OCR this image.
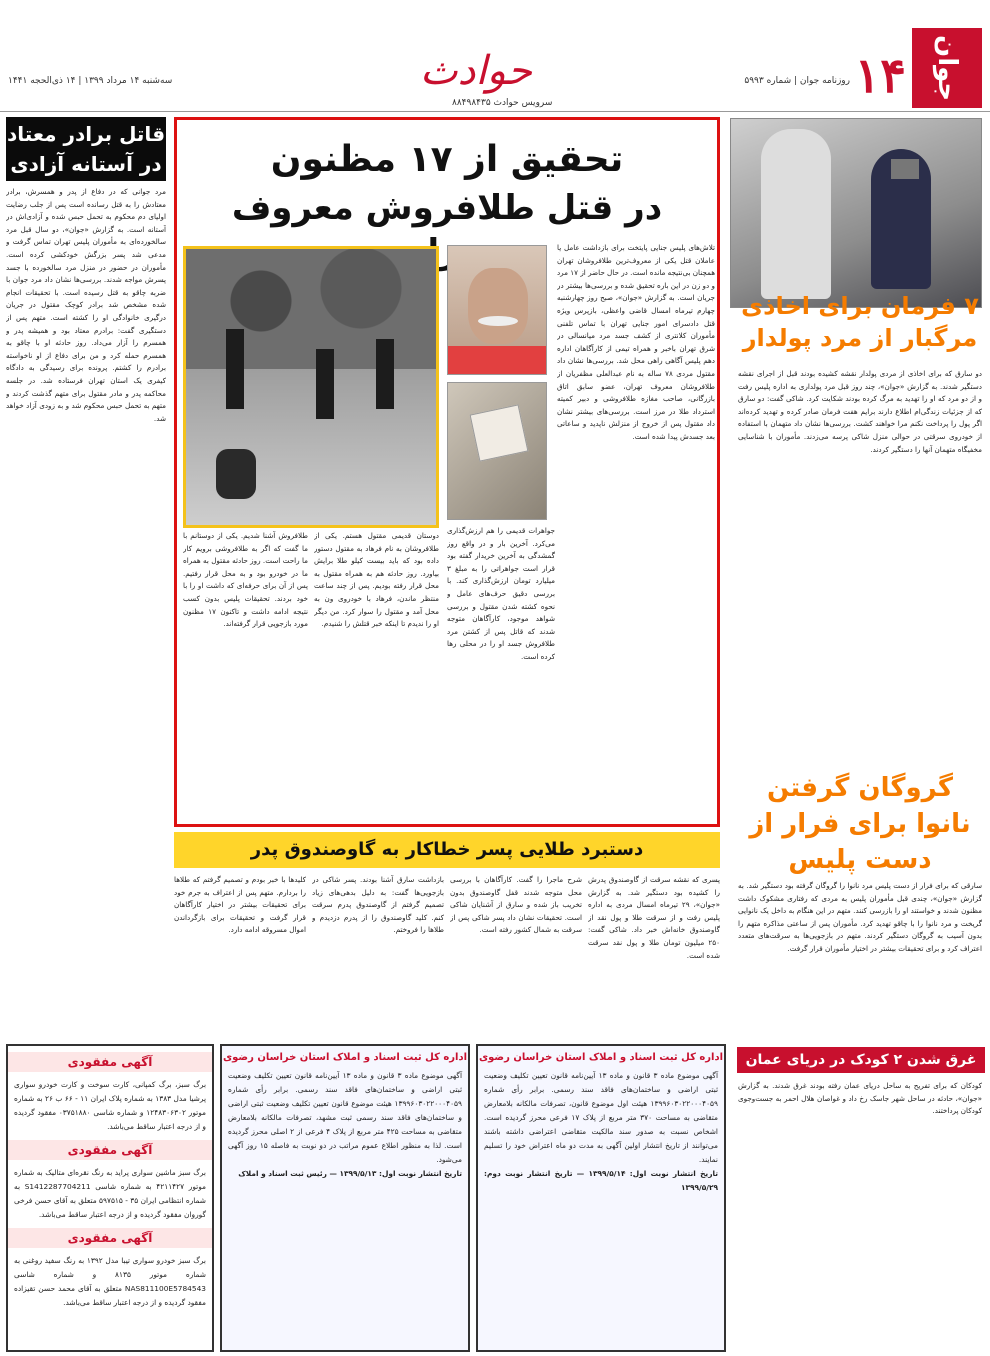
جوان
۱۴
روزنامه جوان | شماره ۵۹۹۳
حوادث
سرویس حوادث ۸۸۴۹۸۴۳۵
سه‌شنبه ۱۴ مرداد ۱۳۹۹ | ۱۴ ذی‌الحجه ۱۴۴۱
۷ فرمان برای اخاذی مرگبار از مرد پولدار
دو سارق که برای اخاذی از مردی پولدار نقشه کشیده بودند قبل از اجرای نقشه دستگیر شدند. به گزارش «جوان»، چند روز قبل مرد پولداری به اداره پلیس رفت و از دو مرد که او را تهدید به مرگ کرده بودند شکایت کرد. شاکی گفت: دو سارق که از جزئیات زندگی‌ام اطلاع دارند برایم هفت فرمان صادر کرده و تهدید کرده‌اند اگر پول را پرداخت نکنم مرا خواهند کشت. بررسی‌ها نشان داد متهمان با استفاده از خودروی سرقتی در حوالی منزل شاکی پرسه می‌زدند. مأموران با شناسایی مخفیگاه متهمان آنها را دستگیر کردند.
گروگان گرفتن نانوا برای فرار از دست پلیس
سارقی که برای فرار از دست پلیس مرد نانوا را گروگان گرفته بود دستگیر شد. به گزارش «جوان»، چندی قبل مأموران پلیس به مردی که رفتاری مشکوک داشت مظنون شدند و خواستند او را بازرسی کنند. متهم در این هنگام به داخل یک نانوایی گریخت و مرد نانوا را با چاقو تهدید کرد. مأموران پس از ساعتی مذاکره متهم را بدون آسیب به گروگان دستگیر کردند. متهم در بازجویی‌ها به سرقت‌های متعدد اعتراف کرد و برای تحقیقات بیشتر در اختیار مأموران قرار گرفت.
غرق شدن ۲ کودک در دریای عمان
کودکان که برای تفریح به ساحل دریای عمان رفته بودند غرق شدند. به گزارش «جوان»، حادثه در ساحل شهر جاسک رخ داد و غواصان هلال احمر به جست‌وجوی کودکان پرداختند.
تحقیق از ۱۷ مظنون
در قتل طلافروش معروف
تلاش‌های پلیس جنایی پایتخت برای بازداشت عامل یا عاملان قتل یکی از معروف‌ترین طلافروشان تهران همچنان بی‌نتیجه مانده است. در حال حاضر از ۱۷ مرد و دو زن در این باره تحقیق شده و بررسی‌ها بیشتر در جریان است. به گزارش «جوان»، صبح روز چهارشنبه چهارم تیرماه امسال قاضی واعظی، بازپرس ویژه قتل دادسرای امور جنایی تهران با تماس تلفنی مأموران کلانتری از کشف جسد مرد میانسالی در شرق تهران باخبر و همراه تیمی از کارآگاهان اداره دهم پلیس آگاهی راهی محل شد. بررسی‌ها نشان داد مقتول مردی ۷۸ ساله به نام عبدالعلی مظفریان از طلافروشان معروف تهران، عضو سابق اتاق بازرگانی، صاحب مغازه طلافروشی و دبیر کمیته استرداد طلا در مرز است. بررسی‌های بیشتر نشان داد مقتول پس از خروج از منزلش ناپدید و ساعاتی بعد جسدش پیدا شده است.
جواهرات قدیمی را هم ارزش‌گذاری می‌کرد. آخرین بار و در واقع روز گمشدگی به آخرین خریدار گفته بود قرار است جواهراتی را به مبلغ ۳ میلیارد تومان ارزش‌گذاری کند. با بررسی دقیق حرف‌های عامل و نحوه کشته شدن مقتول و بررسی شواهد موجود، کارآگاهان متوجه شدند که قاتل پس از کشتن مرد طلافروش جسد او را در محلی رها کرده است.
دوستان قدیمی مقتول هستم. یکی از طلافروشان به نام فرهاد به مقتول دستور داده بود که باید بیست کیلو طلا برایش بیاورد. روز حادثه هم به همراه مقتول به محل قرار رفته بودیم. پس از چند ساعت منتظر ماندن، فرهاد با خودروی ون به محل آمد و مقتول را سوار کرد. من دیگر او را ندیدم تا اینکه خبر قتلش را شنیدم.
طلافروش آشنا شدیم. یکی از دوستانم با ما گفت که اگر به طلافروشی برویم کار ما راحت است. روز حادثه مقتول به همراه ما در خودرو بود و به محل قرار رفتیم. پس از آن برای حرفه‌ای که داشت او را با خود بردند. تحقیقات پلیس بدون کسب نتیجه ادامه داشت و تاکنون ۱۷ مظنون مورد بازجویی قرار گرفته‌اند.
دستبرد طلایی پسر خطاکار به گاوصندوق پدر
پسری که نقشه سرقت از گاوصندوق پدرش را کشیده بود دستگیر شد. به گزارش «جوان»، ۲۹ تیرماه امسال مردی به اداره پلیس رفت و از سرقت طلا و پول نقد از گاوصندوق خانه‌اش خبر داد. شاکی گفت: ۲۵۰ میلیون تومان طلا و پول نقد سرقت شده است.
شرح ماجرا را گفت. کارآگاهان با بررسی محل متوجه شدند قفل گاوصندوق بدون تخریب باز شده و سارق از آشنایان شاکی است. تحقیقات نشان داد پسر شاکی پس از سرقت به شمال کشور رفته است.
بازداشت سارق آشنا بودند. پسر شاکی در بازجویی‌ها گفت: به دلیل بدهی‌های زیاد تصمیم گرفتم از گاوصندوق پدرم سرقت کنم. کلید گاوصندوق را از پدرم دزدیدم و طلاها را فروختم.
کلیدها با خبر بودم و تصمیم گرفتم که طلاها را بردارم. متهم پس از اعتراف به جرم خود برای تحقیقات بیشتر در اختیار کارآگاهان قرار گرفت و تحقیقات برای بازگرداندن اموال مسروقه ادامه دارد.
قاتل برادر معتاد در آستانه آزادی
مرد جوانی که در دفاع از پدر و همسرش، برادر معتادش را به قتل رسانده است پس از جلب رضایت اولیای دم محکوم به تحمل حبس شده و آزادی‌اش در آستانه است. به گزارش «جوان»، دو سال قبل مرد سالخورده‌ای به مأموران پلیس تهران تماس گرفت و مدعی شد پسر بزرگش خودکشی کرده است. مأموران در حضور در منزل مرد سالخورده با جسد پسرش مواجه شدند. بررسی‌ها نشان داد مرد جوان با ضربه چاقو به قتل رسیده است. با تحقیقات انجام شده مشخص شد برادر کوچک مقتول در جریان درگیری خانوادگی او را کشته است. متهم پس از دستگیری گفت: برادرم معتاد بود و همیشه پدر و همسرم را آزار می‌داد. روز حادثه او با چاقو به همسرم حمله کرد و من برای دفاع از او ناخواسته برادرم را کشتم. پرونده برای رسیدگی به دادگاه کیفری یک استان تهران فرستاده شد. در جلسه محاکمه پدر و مادر مقتول برای متهم گذشت کردند و متهم به تحمل حبس محکوم شد و به زودی آزاد خواهد شد.
اداره کل ثبت اسناد و املاک استان خراسان رضوی
آگهی موضوع ماده ۳ قانون و ماده ۱۳ آیین‌نامه قانون تعیین تکلیف وضعیت ثبتی اراضی و ساختمان‌های فاقد سند رسمی. برابر رأی شماره ۱۳۹۹۶۰۳۰۲۲۰۰۰۴۰۵۹ هیئت اول موضوع قانون، تصرفات مالکانه بلامعارض متقاضی به مساحت ۳۷۰ متر مربع از پلاک ۱۷ فرعی محرز گردیده است. اشخاص نسبت به صدور سند مالکیت متقاضی اعتراضی داشته باشند می‌توانند از تاریخ انتشار اولین آگهی به مدت دو ماه اعتراض خود را تسلیم نمایند.
تاریخ انتشار نوبت اول: ۱۳۹۹/۵/۱۴ — تاریخ انتشار نوبت دوم: ۱۳۹۹/۵/۲۹
اداره کل ثبت اسناد و املاک استان خراسان رضوی
آگهی موضوع ماده ۳ قانون و ماده ۱۳ آیین‌نامه قانون تعیین تکلیف وضعیت ثبتی اراضی و ساختمان‌های فاقد سند رسمی. برابر رأی شماره ۱۳۹۹۶۰۳۰۲۲۰۰۰۴۰۵۹ هیئت موضوع قانون تعیین تکلیف وضعیت ثبتی اراضی و ساختمان‌های فاقد سند رسمی ثبت مشهد، تصرفات مالکانه بلامعارض متقاضی به مساحت ۴۲۵ متر مربع از پلاک ۴ فرعی از ۲ اصلی محرز گردیده است. لذا به منظور اطلاع عموم مراتب در دو نوبت به فاصله ۱۵ روز آگهی می‌شود.
تاریخ انتشار نوبت اول: ۱۳۹۹/۵/۱۳ — رئیس ثبت اسناد و املاک
آگهی مفقودی
برگ سبز، برگ کمپانی، کارت سوخت و کارت خودرو سواری پرشیا مدل ۱۳۸۳ به شماره پلاک ایران ۱۱ - ۶۶ ب ۲۶ به شماره موتور ۱۲۴۸۳۰۶۳۰۲ و شماره شاسی ۰۳۷۵۱۸۸۰ مفقود گردیده و از درجه اعتبار ساقط می‌باشد.
آگهی مفقودی
برگ سبز ماشین سواری پراید به رنگ نقره‌ای متالیک به شماره موتور ۴۲۱۱۴۲۷ به شماره شاسی S1412287704211 به شماره انتظامی ایران ۳۵ - ۵۹۷۵۱۵ متعلق به آقای حسن فرخی گوروان مفقود گردیده و از درجه اعتبار ساقط می‌باشد.
آگهی مفقودی
برگ سبز خودرو سواری تیبا مدل ۱۳۹۲ به رنگ سفید روغنی به شماره موتور ۸۱۳۵ و شماره شاسی NAS811100E5784543 متعلق به آقای محمد حسن تقیزاده مفقود گردیده و از درجه اعتبار ساقط می‌باشد.
